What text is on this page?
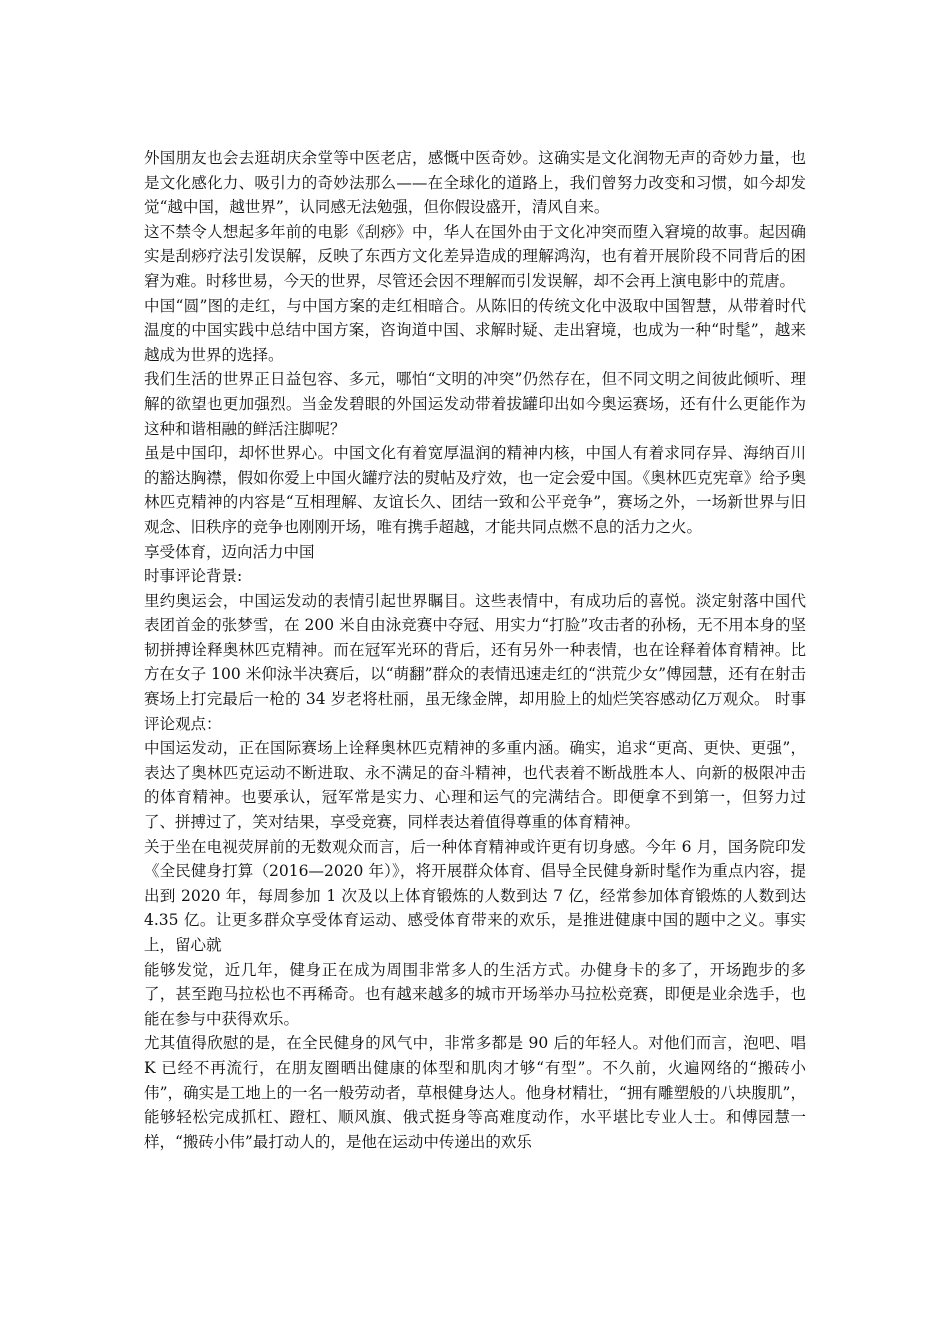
外国朋友也会去逛胡庆余堂等中医老店，感慨中医奇妙。这确实是文化润物无声的奇妙力量，也是文化感化力、吸引力的奇妙法那么——在全球化的道路上，我们曾努力改变和习惯，如今却发觉“越中国，越世界”，认同感无法勉强，但你假设盛开，清风自来。

这不禁令人想起多年前的电影《刮痧》中，华人在国外由于文化冲突而堕入窘境的故事。起因确实是刮痧疗法引发误解，反映了东西方文化差异造成的理解鸿沟，也有着开展阶段不同背后的困窘为难。时移世易，今天的世界，尽管还会因不理解而引发误解，却不会再上演电影中的荒唐。

中国“圆”图的走红，与中国方案的走红相暗合。从陈旧的传统文化中汲取中国智慧，从带着时代温度的中国实践中总结中国方案，咨询道中国、求解时疑、走出窘境，也成为一种“时髦”，越来越成为世界的选择。

我们生活的世界正日益包容、多元，哪怕“文明的冲突”仍然存在，但不同文明之间彼此倾听、理解的欲望也更加强烈。当金发碧眼的外国运发动带着拔罐印出如今奥运赛场，还有什么更能作为这种和谐相融的鲜活注脚呢？

虽是中国印，却怀世界心。中国文化有着宽厚温润的精神内核，中国人有着求同存异、海纳百川的豁达胸襟，假如你爱上中国火罐疗法的熨帖及疗效，也一定会爱中国。《奥林匹克宪章》给予奥林匹克精神的内容是“互相理解、友谊长久、团结一致和公平竞争”，赛场之外，一场新世界与旧观念、旧秩序的竞争也刚刚开场，唯有携手超越，才能共同点燃不息的活力之火。

享受体育，迈向活力中国

时事评论背景:

里约奥运会，中国运发动的表情引起世界瞩目。这些表情中，有成功后的喜悦。淡定射落中国代表团首金的张梦雪，在 200 米自由泳竞赛中夺冠、用实力“打脸”攻击者的孙杨，无不用本身的坚韧拼搏诠释奥林匹克精神。而在冠军光环的背后，还有另外一种表情，也在诠释着体育精神。比方在女子 100 米仰泳半决赛后，以“萌翻”群众的表情迅速走红的“洪荒少女”傅园慧，还有在射击赛场上打完最后一枪的 34 岁老将杜丽，虽无缘金牌，却用脸上的灿烂笑容感动亿万观众。 时事评论观点：

中国运发动，正在国际赛场上诠释奥林匹克精神的多重内涵。确实，追求“更高、更快、更强”，表达了奥林匹克运动不断进取、永不满足的奋斗精神，也代表着不断战胜本人、向新的极限冲击的体育精神。也要承认，冠军常是实力、心理和运气的完满结合。即便拿不到第一，但努力过了、拼搏过了，笑对结果，享受竞赛，同样表达着值得尊重的体育精神。

关于坐在电视荧屏前的无数观众而言，后一种体育精神或许更有切身感。今年 6 月，国务院印发《全民健身打算（2016—2020 年）》，将开展群众体育、倡导全民健身新时髦作为重点内容，提出到 2020 年，每周参加 1 次及以上体育锻炼的人数到达 7 亿，经常参加体育锻炼的人数到达 4.35 亿。让更多群众享受体育运动、感受体育带来的欢乐，是推进健康中国的题中之义。事实上，留心就

能够发觉，近几年，健身正在成为周围非常多人的生活方式。办健身卡的多了，开场跑步的多了，甚至跑马拉松也不再稀奇。也有越来越多的城市开场举办马拉松竞赛，即便是业余选手，也能在参与中获得欢乐。

尤其值得欣慰的是，在全民健身的风气中，非常多都是 90 后的年轻人。对他们而言，泡吧、唱 K 已经不再流行，在朋友圈晒出健康的体型和肌肉才够“有型”。不久前，火遍网络的“搬砖小伟”，确实是工地上的一名一般劳动者，草根健身达人。他身材精壮，“拥有雕塑般的八块腹肌”，能够轻松完成抓杠、蹬杠、顺风旗、俄式挺身等高难度动作，水平堪比专业人士。和傅园慧一样，“搬砖小伟”最打动人的，是他在运动中传递出的欢乐
